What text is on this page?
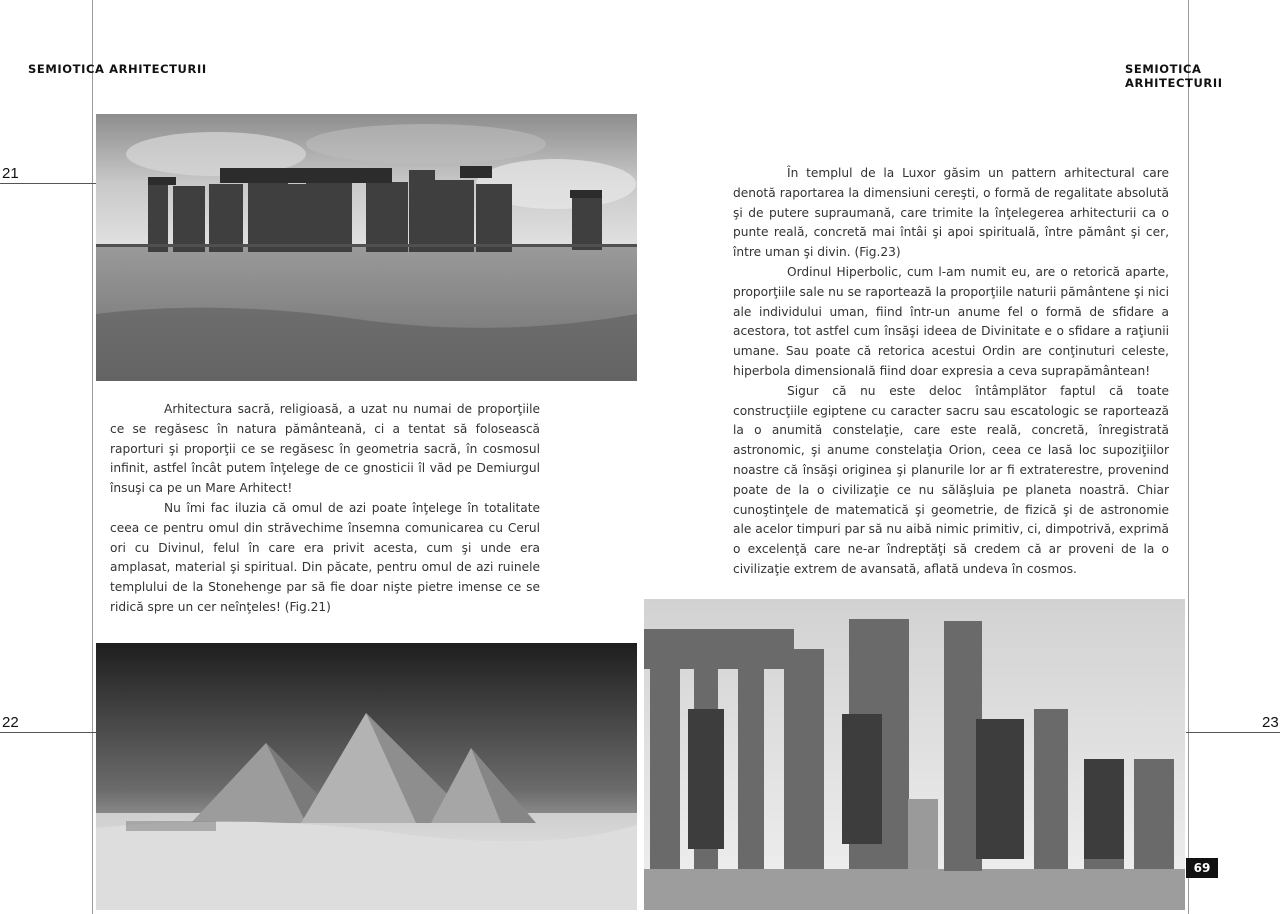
SEMIOTICA ARHITECTURII	SEMIOTICA ARHITECTURII
21
22	23

Arhitectura sacră, religioasă, a uzat nu numai de proporţiile ce se regăsesc în natura pământeană, ci a tentat să folosească raporturi şi proporţii ce se regăsesc în geometria sacră, în cosmosul infinit, astfel încât putem înţelege de ce gnosticii îl văd pe Demiurgul însuşi ca pe un Mare Arhitect!

Nu îmi fac iluzia că omul de azi poate înţelege în totalitate ceea ce pentru omul din străvechime însemna comunicarea cu Cerul ori cu Divinul, felul în care era privit acesta, cum şi unde era amplasat, material şi spiritual. Din păcate, pentru omul de azi ruinele templului de la Stonehenge par să fie doar nişte pietre imense ce se ridică spre un cer neînţeles! (Fig.21)

În templul de la Luxor găsim un pattern arhitectural care denotă raportarea la dimensiuni cereşti, o formă de regalitate absolută şi de putere supraumană, care trimite la înţelegerea arhitecturii ca o punte reală, concretă mai întâi şi apoi spirituală, între pământ şi cer, între uman şi divin. (Fig.23)

Ordinul Hiperbolic, cum l-am numit eu, are o retorică aparte, proporţiile sale nu se raportează la proporţiile naturii pământene şi nici ale individului uman, fiind într-un anume fel o formă de sfidare a acestora, tot astfel cum însăşi ideea de Divinitate e o sfidare a raţiunii umane. Sau poate că retorica acestui Ordin are conţinuturi celeste, hiperbola dimensională fiind doar expresia a ceva suprapământean!

Sigur că nu este deloc întâmplător faptul că toate construcţiile egiptene cu caracter sacru sau escatologic se raportează la o anumită constelaţie, care este reală, concretă, înregistrată astronomic, şi anume constelaţia Orion, ceea ce lasă loc supoziţiilor noastre că însăşi originea şi planurile lor ar fi extraterestre, provenind poate de la o civilizaţie ce nu sălăşluia pe planeta noastră. Chiar cunoştinţele de matematică şi geometrie, de fizică şi de astronomie ale acelor timpuri par să nu aibă nimic primitiv, ci, dimpotrivă, exprimă o excelenţă care ne-ar îndreptăţi să credem că ar proveni de la o civilizaţie extrem de avansată, aflată undeva în cosmos.

69
